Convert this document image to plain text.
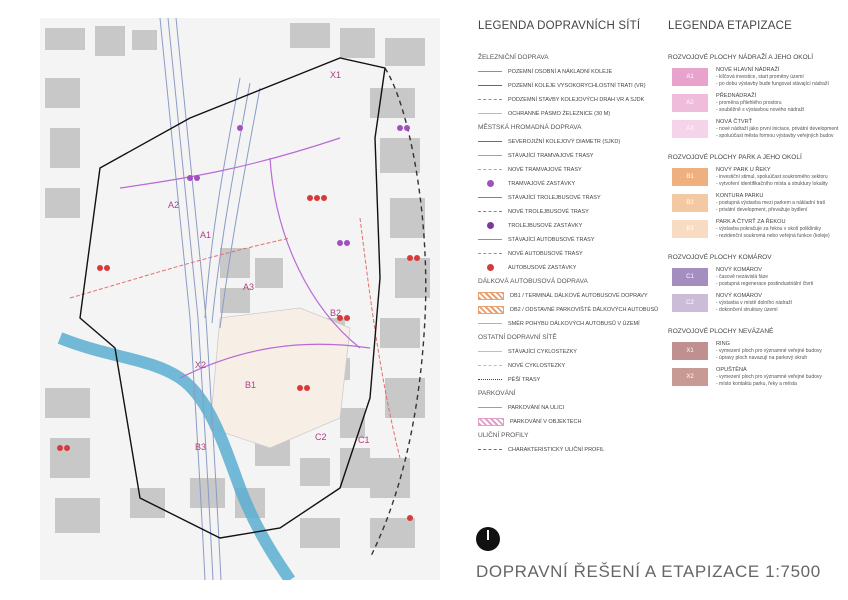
X1
A2
A1
A3
B2
X2
B1
C2	C1
B3
LEGENDA DOPRAVNÍCH SÍTÍ
ŽELEZNIČNÍ DOPRAVA
POZEMNÍ OSOBNÍ A NÁKLADNÍ KOLEJE
POZEMNÍ KOLEJE VYSOKORYCHLOSTNÍ TRATI (VR)
PODZEMNÍ STAVBY KOLEJOVÝCH DRAH VR A SJDK
OCHRANNÉ PÁSMO ŽELEZNICE (30 M)
MĚSTSKÁ HROMADNÁ DOPRAVA
SEVEROJIŽNÍ KOLEJOVÝ DIAMETR (SJKD)
STÁVAJÍCÍ TRAMVAJOVÉ TRASY
NOVÉ TRAMVAJOVÉ TRASY
TRAMVAJOVÉ ZASTÁVKY
STÁVAJÍCÍ TROLEJBUSOVÉ TRASY
NOVÉ TROLEJBUSOVÉ TRASY
TROLEJBUSOVÉ ZASTÁVKY
STÁVAJÍCÍ AUTOBUSOVÉ TRASY
NOVÉ AUTOBUSOVÉ TRASY
AUTOBUSOVÉ ZASTÁVKY
DÁLKOVÁ AUTOBUSOVÁ DOPRAVA
DB1 / TERMINÁL DÁLKOVÉ AUTOBUSOVÉ DOPRAVY
DB2 / ODSTAVNÉ PARKOVIŠTĚ DÁLKOVÝCH AUTOBUSŮ
SMĚR POHYBU DÁLKOVÝCH AUTOBUSŮ V ÚZEMÍ
OSTATNÍ DOPRAVNÍ SÍTĚ
STÁVAJÍCÍ CYKLOSTEZKY
NOVÉ CYKLOSTEZKY
PĚŠÍ TRASY
PARKOVÁNÍ
PARKOVÁNÍ NA ULICI
PARKOVÁNÍ V OBJEKTECH
ULIČNÍ PROFILY
CHARAKTERISTICKÝ ULIČNÍ PROFIL
LEGENDA ETAPIZACE
ROZVOJOVÉ PLOCHY NÁDRAŽÍ A JEHO OKOLÍ
A1
NOVÉ HLAVNÍ NÁDRAŽÍ
- klíčová investice, start proměny území
- po dobu výstavby bude fungovat stávající nádraží
A2
PŘEDNÁDRAŽÍ
- proměna přilehlého prostoru
- souběžně s výstavbou nového nádraží
A3
NOVÁ ČTVRŤ
- nové nádraží jako první iniciace, privátní development
- spoluúčast města formou výstavby veřejných budov
ROZVOJOVÉ PLOCHY PARK A JEHO OKOLÍ
B1
NOVÝ PARK U ŘEKY
- investiční stimul, spoluúčast soukromého sektoru
- vytvoření identifikačního místa a struktury lokality
B2
KONTURA PARKU
- postupná výstavba mezi parkem a nákladní tratí
- privátní development, převažuje bydlení
B3
PARK A ČTVRŤ ZA ŘEKOU
- výstavba pokračuje za řekou v okolí polikliniky
- rezidenční soukromá nebo veřejná funkce (koleje)
ROZVOJOVÉ PLOCHY KOMÁROV
C1
NOVÝ KOMÁROV
- časově nezávislá fáze
- postupná regenerace postindustriální čtvrti
C2
NOVÝ KOMÁROV
- výstavba v místě dolního nádraží
- dokončení struktury území
ROZVOJOVÉ PLOCHY NEVÁZANÉ
X1
RING
- vymezení ploch pro významné veřejné budovy
- úpravy ploch navazují na parkový okruh
X2
OPUŠTĚNÁ
- vymezení ploch pro významné veřejné budovy
- místo kontaktu parku, řeky a města
DOPRAVNÍ ŘEŠENÍ A ETAPIZACE 1:7500
